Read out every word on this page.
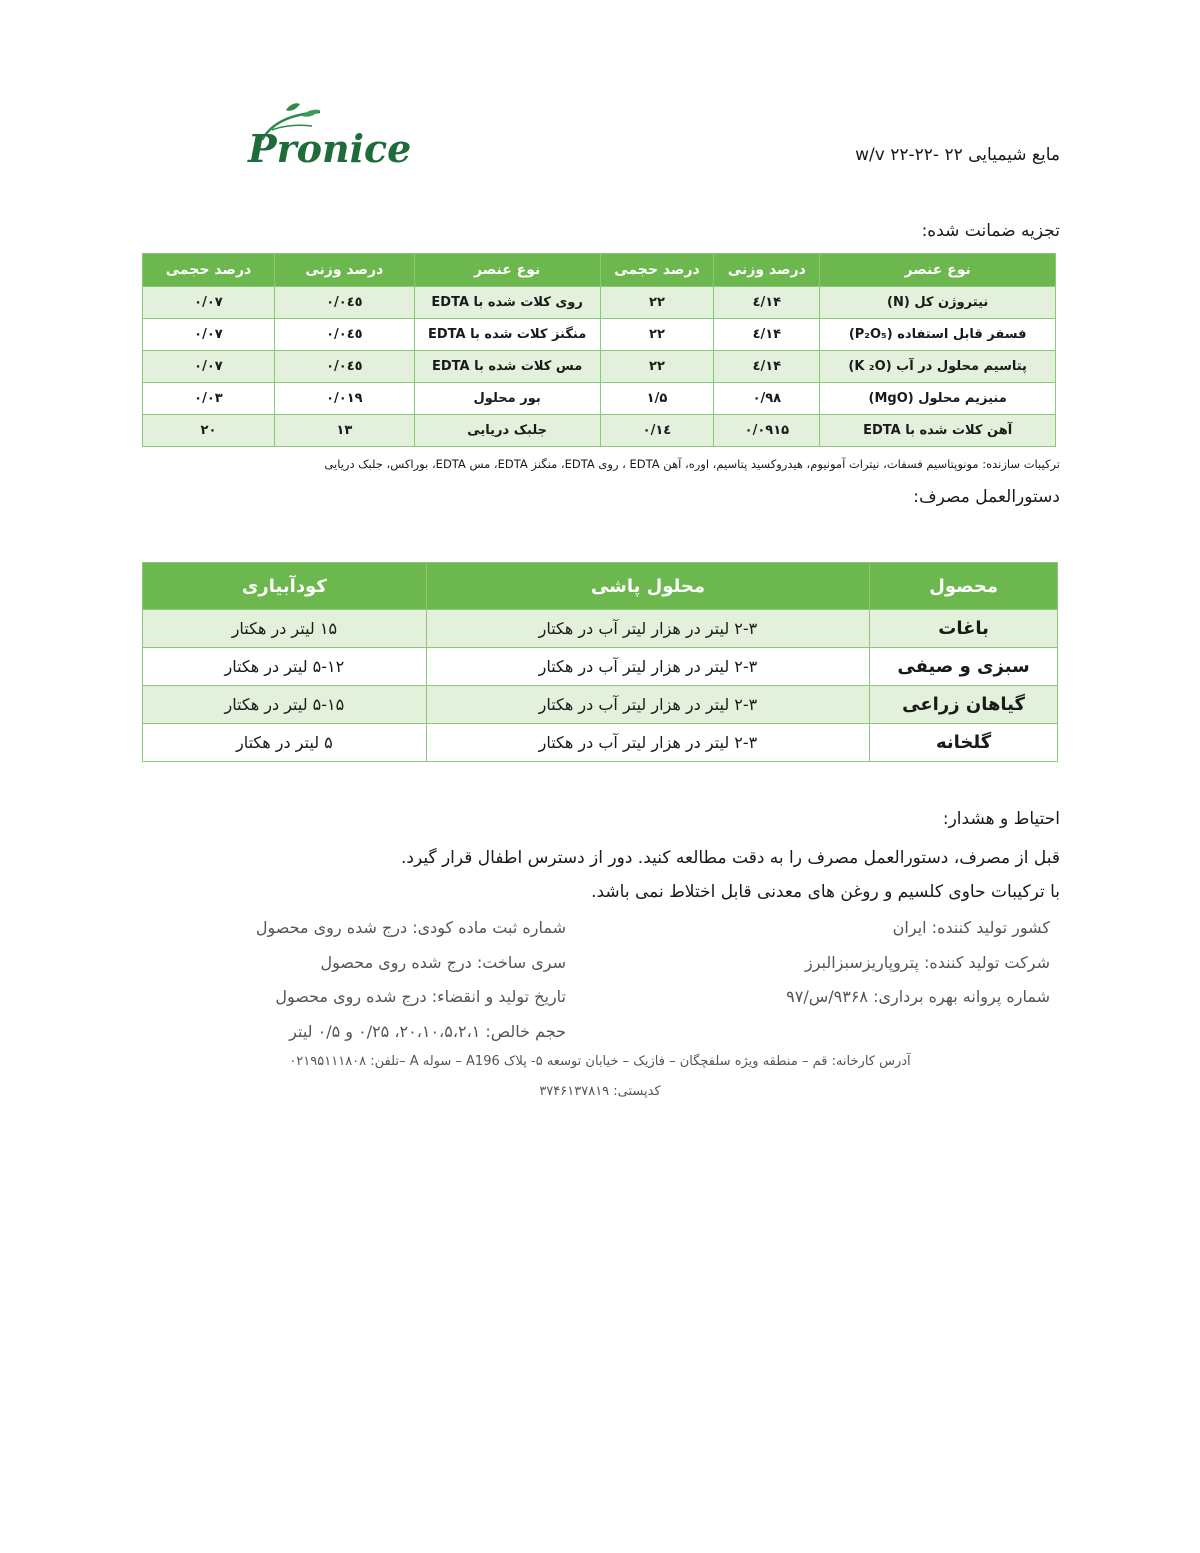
Pronice	مایع شیمیایی ۲۲ -۲۲-۲۲ w/v
تجزیه ضمانت شده:
نوع عنصر	درصد وزنی	درصد حجمی	نوع عنصر	درصد وزنی	درصد حجمی
نیتروژن کل (N)	۱۴/٤	۲۲	روی کلات شده با EDTA	۰/۰٤٥	۰/۰۷
فسفر قابل استفاده (P₂O₅)	۱۴/٤	۲۲	منگنز کلات شده با EDTA	۰/۰٤٥	۰/۰۷
پتاسیم محلول در آب (K ₂O)	۱۴/٤	۲۲	مس کلات شده با EDTA	۰/۰٤٥	۰/۰۷
منیزیم محلول (MgO)	۰/۹۸	۱/۵	بور محلول	۰/۰۱۹	۰/۰۳
آهن کلات شده با EDTA	۰/۰۹۱۵	۰/۱٤	جلبک دریایی	۱۳	۲۰
ترکیبات سازنده: مونوپتاسیم فسفات، نیترات آمونیوم، هیدروکسید پتاسیم، اوره، آهن EDTA ، روی EDTA، منگنز EDTA، مس EDTA، بوراکس، جلبک دریایی
دستورالعمل مصرف:
محصول	محلول پاشی	کودآبیاری
باغات	۲-۳ لیتر در هزار لیتر آب در هکتار	۱۵ لیتر در هکتار
سبزی و صیفی	۲-۳ لیتر در هزار لیتر آب در هکتار	۵-۱۲ لیتر در هکتار
گیاهان زراعی	۲-۳ لیتر در هزار لیتر آب در هکتار	۵-۱۵ لیتر در هکتار
گلخانه	۲-۳ لیتر در هزار لیتر آب در هکتار	۵ لیتر در هکتار
احتیاط و هشدار:
قبل از مصرف، دستورالعمل مصرف را به دقت مطالعه کنید. دور از دسترس اطفال قرار گیرد.
با ترکیبات حاوی کلسیم و روغن های معدنی قابل اختلاط نمی باشد.
کشور تولید کننده: ایران
شرکت تولید کننده: پتروپاریزسبزالبرز
شماره پروانه بهره برداری: ۹۳۶۸/س/۹۷
شماره ثبت ماده کودی: درج شده روی محصول
سری ساخت: درج شده روی محصول
تاریخ تولید و انقضاء: درج شده روی محصول
حجم خالص: ۲۰،۱۰،۵،۲،۱، ۰/۲۵ و ۰/۵ لیتر
آدرس کارخانه: قم – منطقه ویژه سلفچگان – فازیک – خیابان توسعه ۵- پلاک A196 – سوله A –تلفن: ۰۲۱۹۵۱۱۱۸۰۸
کدپستی: ۳۷۴۶۱۳۷۸۱۹
